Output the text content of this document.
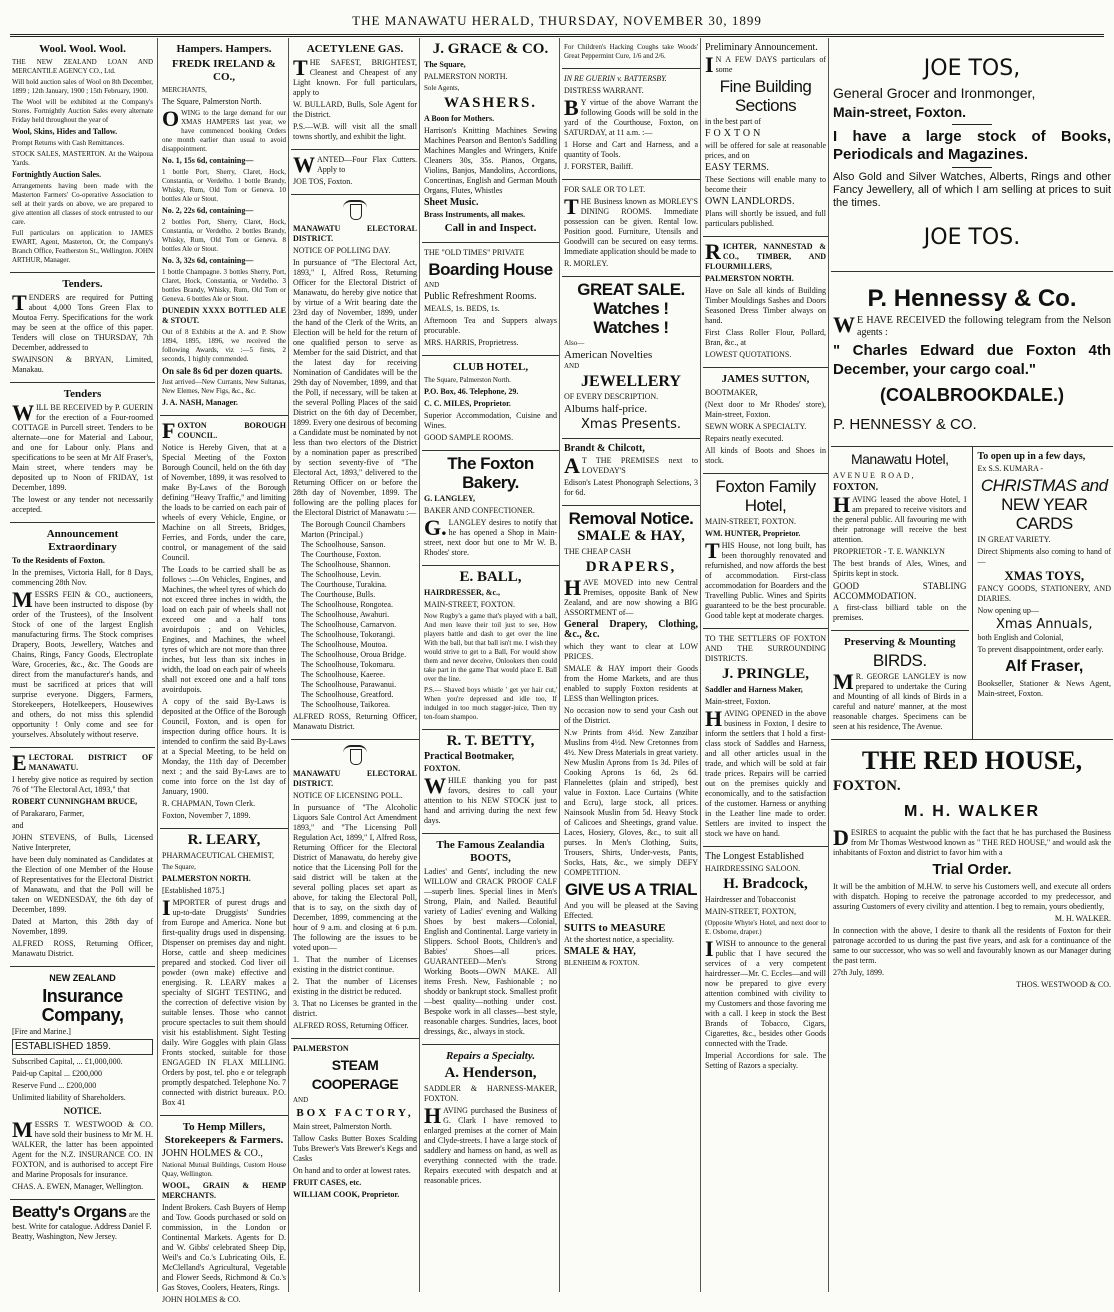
THE MANAWATU HERALD, THURSDAY, NOVEMBER 30, 1899
Wool. Wool. Wool.

THE NEW ZEALAND LOAN AND MERCANTILE AGENCY CO., Ltd.

Will hold auction sales of Wool on 8th December, 1899 ; 12th January, 1900 ; 15th February, 1900.

The Wool will be exhibited at the Company's Stores. Fortnightly Auction Sales every alternate Friday held throughout the year of

Wool, Skins, Hides and Tallow.

Prompt Returns with Cash Remittances.

STOCK SALES, MASTERTON. At the Waipoua Yards.

Fortnightly Auction Sales.

Arrangements having been made with the Masterton Farmers' Co-operative Association to sell at their yards on above, we are prepared to give attention all classes of stock entrusted to our care.

Full particulars on application to JAMES EWART, Agent, Masterton, Or, the Company's Branch Office, Featherston St., Wellington. JOHN ARTHUR, Manager.

Tenders.

TENDERS are required for Putting about 4,000 Tons Green Flax to Moutoa Ferry. Specifications for the work may be seen at the office of this paper. Tenders will close on THURSDAY, 7th December, addressed to

SWAINSON & BRYAN, Limited, Manakau.

Tenders

WILL BE RECEIVED by P. GUERIN for the erection of a Four-roomed COTTAGE in Purcell street. Tenders to be alternate—one for Material and Labour, and one for Labour only. Plans and specifications to be seen at Mr Alf Fraser's, Main street, where tenders may be deposited up to Noon of FRIDAY, 1st December, 1899.

The lowest or any tender not necessarily accepted.

Announcement Extraordinary

To the Residents of Foxton.

In the premises, Victoria Hall, for 8 Days, commencing 28th Nov.

MESSRS FEIN & CO., auctioneers, have been instructed to dispose (by order of the Trustees), of the Insolvent Stock of one of the largest English manufacturing firms. The Stock comprises Drapery, Boots, Jewellery, Watches and Chains, Rings, Fancy Goods, Electroplate Ware, Groceries, &c., &c. The Goods are direct from the manufacturer's hands, and must be sacrificed at prices that will surprise everyone. Diggers, Farmers, Storekeepers, Hotelkeepers, Housewives and others, do not miss this splendid opportunity ! Only come and see for yourselves. Absolutely without reserve.

ELECTORAL DISTRICT OF MANAWATU.

I hereby give notice as required by section 76 of "The Electoral Act, 1893," that

ROBERT CUNNINGHAM BRUCE,

of Parakararo, Farmer,

and

JOHN STEVENS, of Bulls, Licensed Native Interpreter,

have been duly nominated as Candidates at the Election of one Member of the House of Representatives for the Electoral District of Manawatu, and that the Poll will be taken on WEDNESDAY, the 6th day of December, 1899.

Dated at Marton, this 28th day of November, 1899.

ALFRED ROSS, Returning Officer, Manawatu District.

NEW ZEALAND
Insurance Company,

[Fire and Marine.]

ESTABLISHED 1859.

Subscribed Capital, ... £1,000,000.

Paid-up Capital ... £200,000

Reserve Fund ... £200,000

Unlimited liability of Shareholders.

NOTICE.

MESSRS T. WESTWOOD & CO. have sold their business to Mr M. H. WALKER, the latter has been appointed Agent for the N.Z. INSURANCE CO. IN FOXTON, and is authorised to accept Fire and Marine Proposals for insurance.

CHAS. A. EWEN, Manager, Wellington.

Beatty's Organs are the best. Write for catalogue. Address Daniel F. Beatty, Washington, New Jersey.
Hampers. Hampers.
FREDK IRELAND & CO.,

MERCHANTS,

The Square, Palmerston North.

OWING to the large demand for our XMAS HAMPERS last year, we have commenced booking Orders one month earlier than usual to avoid disappointment.

No. 1, 15s 6d, containing—

1 bottle Port, Sherry, Claret, Hock, Constantia, or Verdelho. 1 bottle Brandy, Whisky, Rum, Old Tom or Geneva. 10 bottles Ale or Stout.

No. 2, 22s 6d, containing—

2 bottles Port, Sherry, Claret, Hock, Constantia, or Verdelho. 2 bottles Brandy, Whisky, Rum, Old Tom or Geneva. 8 bottles Ale or Stout.

No. 3, 32s 6d, containing—

1 bottle Champagne. 3 bottles Sherry, Port, Claret, Hock, Constantia, or Verdelho. 3 bottles Brandy, Whisky, Rum, Old Tom or Geneva. 6 bottles Ale or Stout.

DUNEDIN XXXX BOTTLED ALE & STOUT.

Out of 8 Exhibits at the A. and P. Show 1894, 1895, 1896, we received the following Awards, viz :—5 firsts, 2 seconds, 1 highly commended.

On sale 8s 6d per dozen quarts.

Just arrived—New Currants, New Sultanas, New Elemes, New Figs, &c., &c.

J. A. NASH, Manager.

FOXTON BOROUGH COUNCIL.

Notice is Hereby Given, that at a Special Meeting of the Foxton Borough Council, held on the 6th day of November, 1899, it was resolved to make By-Laws of the Borough defining "Heavy Traffic," and limiting the loads to be carried on each pair of wheels of every Vehicle, Engine, or Machine on all Streets, Bridges, Ferries, and Fords, under the care, control, or management of the said Council.

The Loads to be carried shall be as follows :—On Vehicles, Engines, and Machines, the wheel tyres of which do not exceed three inches in width, the load on each pair of wheels shall not exceed one and a half tons avoirdupois ; and on Vehicles, Engines, and Machines, the wheel tyres of which are not more than three inches, but less than six inches in width, the load on each pair of wheels shall not exceed one and a half tons avoirdupois.

A copy of the said By-Laws is deposited at the Office of the Borough Council, Foxton, and is open for inspection during office hours. It is intended to confirm the said By-Laws at a Special Meeting, to be held on Monday, the 11th day of December next ; and the said By-Laws are to come into force on the 1st day of January, 1900.

R. CHAPMAN, Town Clerk.

Foxton, November 7, 1899.

R. LEARY,

PHARMACEUTICAL CHEMIST,

The Square,

PALMERSTON NORTH.

[Established 1875.]

IMPORTER of purest drugs and up-to-date Druggists' Sundries from Europe and America. None but first-quality drugs used in dispensing. Dispenser on premises day and night. Horse, cattle and sheep medicines prepared and stocked. Cod liver oil powder (own make) effective and energising. R. LEARY makes a specialty of SIGHT TESTING, and the correction of defective vision by suitable lenses. Those who cannot procure spectacles to suit them should visit his establishment. Sight Testing daily. Wire Goggles with plain Glass Fronts stocked, suitable for those ENGAGED IN FLAX MILLING. Orders by post, tel. pho e or telegraph promptly despatched. Telephone No. 7 connected with district bureaux. P.O. Box 41

To Hemp Millers, Storekeepers & Farmers.

JOHN HOLMES & CO.,

National Mutual Buildings, Custom House Quay, Wellington.

WOOL, GRAIN & HEMP MERCHANTS.

Indent Brokers. Cash Buyers of Hemp and Tow. Goods purchased or sold on commission, in the London or Continental Markets. Agents for D. and W. Gibbs' celebrated Sheep Dip, Weil's and Co.'s Lubricating Oils, E. McClelland's Agricultural, Vegetable and Flower Seeds, Richmond & Co.'s Gas Stoves, Coolers, Heaters, Rings.

JOHN HOLMES & CO.

ACETYLENE GAS.

THE SAFEST, BRIGHTEST, Cleanest and Cheapest of any Light known. For full particulars, apply to

W. BULLARD, Bulls, Sole Agent for the District.

P.S.—W.B. will visit all the small towns shortly, and exhibit the light.

WANTED—Four Flax Cutters. Apply to

JOE TOS, Foxton.

MANAWATU ELECTORAL DISTRICT.

NOTICE OF POLLING DAY.

In pursuance of "The Electoral Act, 1893," I, Alfred Ross, Returning Officer for the Electoral District of Manawatu, do hereby give notice that by virtue of a Writ bearing date the 23rd day of November, 1899, under the hand of the Clerk of the Writs, an Election will be held for the return of one qualified person to serve as Member for the said District, and that the latest day for receiving Nomination of Candidates will be the 29th day of November, 1899, and that the Poll, if necessary, will be taken at the several Polling Places of the said District on the 6th day of December, 1899. Every one desirous of becoming a Candidate must be nominated by not less than two electors of the District by a nomination paper as prescribed by section seventy-five of "The Electoral Act, 1893," delivered to the Returning Officer on or before the 28th day of November, 1899. The following are the polling places for the Electoral District of Manawatu :—

The Borough Council Chambers Marton (Principal.)
The Schoolhouse, Sanson.
The Courthouse, Foxton.
The Schoolhouse, Shannon.
The Schoolhouse, Levin.
The Courthouse, Turakina.
The Courthouse, Bulls.
The Schoolhouse, Rongotea.
The Schoolhouse, Awahuri.
The Schoolhouse, Carnarvon.
The Schoolhouse, Tokorangi.
The Schoolhouse, Moutoa.
The Schoolhouse, Oroua Bridge.
The Schoolhouse, Tokomaru.
The Schoolhouse, Kaeree.
The Schoolhouse, Parawanui.
The Schoolhouse, Greatford.
The Schoolhouse, Taikorea.

ALFRED ROSS, Returning Officer, Manawatu District.

MANAWATU ELECTORAL DISTRICT.

NOTICE OF LICENSING POLL.

In pursuance of "The Alcoholic Liquors Sale Control Act Amendment 1893," and "The Licensing Poll Regulation Act, 1899," I, Alfred Ross, Returning Officer for the Electoral District of Manawatu, do hereby give notice that the Licensing Poll for the said district will be taken at the several polling places set apart as above, for taking the Electoral Poll, that is to say, on the sixth day of December, 1899, commencing at the hour of 9 a.m. and closing at 6 p.m. The following are the issues to be voted upon—

1. That the number of Licenses existing in the district continue.

2. That the number of Licenses existing in the district be reduced.

3. That no Licenses be granted in the district.

ALFRED ROSS, Returning Officer.

PALMERSTON

STEAM COOPERAGE

AND

BOX FACTORY,

Main street, Palmerston North.

Tallow Casks Butter Boxes Scalding Tubs Brewer's Vats Brewer's Kegs and Casks

On hand and to order at lowest rates.

FRUIT CASES, etc.

WILLIAM COOK, Proprietor.

J. GRACE & CO.

The Square,

PALMERSTON NORTH.

Sole Agents,

WASHERS.

A Boon for Mothers.

Harrison's Knitting Machines Sewing Machines Pearson and Benton's Saddling Machines Mangles and Wringers, Knife Cleaners 30s, 35s. Pianos, Organs, Violins, Banjos, Mandolins, Accordions, Concertinas, English and German Mouth Organs, Flutes, Whistles

Sheet Music.

Brass Instruments, all makes.

Call in and Inspect.

THE "OLD TIMES" PRIVATE

Boarding House

AND

Public Refreshment Rooms.

MEALS, 1s. BEDS, 1s.

Afternoon Tea and Suppers always procurable.

MRS. HARRIS, Proprietress.

CLUB HOTEL,

The Square, Palmerston North.

P.O. Box, 46. Telephone, 29.

C. C. MILES, Proprietor.

Superior Accommodation, Cuisine and Wines.

GOOD SAMPLE ROOMS.

The Foxton Bakery.

G. LANGLEY,

BAKER AND CONFECTIONER.

G.LANGLEY desires to notify that he has opened a Shop in Main-street, next door but one to Mr W. B. Rhodes' store.

E. BALL,

HAIRDRESSER, &c.,

MAIN-STREET, FOXTON.

Now Rugby's a game that's played with a ball, And men leave their toil just to see, How players battle and dash to get over the line With the ball, but that ball isn't me. I wish they would strive to get to a Ball, For would show them and never deceive, Onlookers then could take part in the game That would place E. Ball over the line.

P.S.— Shaved boys whistle ' get yer hair cut,' When you're depressed and idle too, If indulged in too much stagger-juice, Then try ten-foam shampoo.

R. T. BETTY,

Practical Bootmaker,

FOXTON.

WHILE thanking you for past favors, desires to call your attention to his NEW STOCK just to hand and arriving during the next few days.

The Famous Zealandia BOOTS,

Ladies' and Gents', including the new WILLOW and CRACK PROOF CALF—superb lines. Special lines in Men's Strong, Plain, and Nailed. Beautiful variety of Ladies' evening and Walking Shoes by best makers—Colonial, English and Continental. Large variety in Slippers. School Boots, Children's and Babies' Shoes—all prices. GUARANTEED—Men's Strong Working Boots—OWN MAKE. All items Fresh. New, Fashionable ; no shoddy or bankrupt stock. Smallest profit—best quality—nothing under cost. Bespoke work in all classes—best style, reasonable charges. Sundries, laces, boot dressings, &c., always in stock.

Repairs a Specialty.
A. Henderson,

SADDLER & HARNESS-MAKER, FOXTON.

HAVING purchased the Business of G. Clark I have removed to enlarged premises at the corner of Main and Clyde-streets. I have a large stock of saddlery and harness on hand, as well as everything connected with the trade. Repairs executed with despatch and at reasonable prices.

For Children's Hacking Coughs take Woods' Great Peppermint Cure, 1/6 and 2/6.

IN RE GUERIN v. BATTERSBY.

DISTRESS WARRANT.

BY virtue of the above Warrant the following Goods will be sold in the yard of the Courthouse, Foxton, on SATURDAY, at 11 a.m. :—

1 Horse and Cart and Harness, and a quantity of Tools.

J. FORSTER, Bailiff.

FOR SALE OR TO LET.

THE Business known as MORLEY'S DINING ROOMS. Immediate possession can be given. Rental low. Position good. Furniture, Utensils and Goodwill can be secured on easy terms. Immediate application should be made to

R. MORLEY.

GREAT SALE.
Watches ! Watches !

Also—

American Novelties

AND

JEWELLERY

OF EVERY DESCRIPTION.

Albums half-price.

Xmas Presents.

Brandt & Chilcott,

AT THE PREMISES next to LOVEDAY'S

Edison's Latest Phonograph Selections, 3 for 6d.

Removal Notice.
SMALE & HAY,

THE CHEAP CASH

DRAPERS,

HAVE MOVED into new Central Premises, opposite Bank of New Zealand, and are now showing a BIG ASSORTMENT of—

General Drapery, Clothing, &c., &c.

which they want to clear at LOW PRICES.

SMALE & HAY import their Goods from the Home Markets, and are thus enabled to supply Foxton residents at LESS than Wellington prices.

No occasion now to send your Cash out of the District.

N.w Prints from 4½d. New Zanzibar Muslins from 4½d. New Cretonnes from 4½. New Dress Materials in great variety. New Muslin Aprons from 1s 3d. Piles of Cooking Aprons 1s 6d, 2s 6d. Flannelettes (plain and striped), best value in Foxton. Lace Curtains (White and Ecru), large stock, all prices. Nainsook Muslin from 5d. Heavy Stock of Calicoes and Sheetings, grand value. Laces, Hosiery, Gloves, &c., to suit all purses. In Men's Clothing, Suits, Trousers, Shirts, Under-vests, Pants, Socks, Hats, &c., we simply DEFY COMPETITION.

GIVE US A TRIAL

And you will be pleased at the Saving Effected.

SUITS to MEASURE

At the shortest notice, a speciality.

SMALE & HAY,

BLENHEIM & FOXTON.

Preliminary Announcement.

IN A FEW DAYS particulars of some

Fine Building Sections

in the best part of

FOXTON

will be offered for sale at reasonable prices, and on

EASY TERMS.

These Sections will enable many to become their

OWN LANDLORDS.

Plans will shortly be issued, and full particulars published.

RICHTER, NANNESTAD & CO., TIMBER, AND FLOURMILLERS,

PALMERSTON NORTH.

Have on Sale all kinds of Building Timber Mouldings Sashes and Doors Seasoned Dress Timber always on hand.

First Class Roller Flour, Pollard, Bran, &c., at

LOWEST QUOTATIONS.

JAMES SUTTON,

BOOTMAKER,

(Next door to Mr Rhodes' store), Main-street, Foxton.

SEWN WORK A SPECIALTY.

Repairs neatly executed.

All kinds of Boots and Shoes in stock.

Foxton Family Hotel,

MAIN-STREET, FOXTON.

WM. HUNTER, Proprietor.

THIS House, not long built, has been thoroughly renovated and refurnished, and now affords the best of accommodation. First-class accommodation for Boarders and the Travelling Public. Wines and Spirits guaranteed to be the best procurable. Good table kept at moderate charges.

TO THE SETTLERS OF FOXTON AND THE SURROUNDING DISTRICTS.

J. PRINGLE,

Saddler and Harness Maker,

Main-street, Foxton.

HAVING OPENED in the above business in Foxton, I desire to inform the settlers that I hold a first-class stock of Saddles and Harness, and all other articles usual in the trade, and which will be sold at fair trade prices. Repairs will be carried out on the premises quickly and economically, and to the satisfaction of the customer. Harness or anything in the Leather line made to order. Settlers are invited to inspect the stock we have on hand.

The Longest Established

HAIRDRESSING SALOON.

H. Bradcock,

Hairdresser and Tobacconist

MAIN-STREET, FOXTON,

(Opposite Whyte's Hotel, and next door to E. Osborne, draper.)

IWISH to announce to the general public that I have secured the services of a very competent hairdresser—Mr. C. Eccles—and will now be prepared to give every attention combined with civility to my Customers and those favoring me with a call. I keep in stock the Best Brands of Tobacco, Cigars, Cigarettes, &c., besides other Goods connected with the Trade.

Imperial Accordions for sale. The Setting of Razors a specialty.

JOE TOS,

General Grocer and Ironmonger,

Main-street, Foxton.

I have a large stock of Books, Periodicals and Magazines.

Also Gold and Silver Watches, Alberts, Rings and other Fancy Jewellery, all of which I am selling at prices to suit the times.

JOE TOS.
P. Hennessy & Co.

WE HAVE RECEIVED the following telegram from the Nelson agents :

" Charles Edward due Foxton 4th December, your cargo coal."

(COALBROOKDALE.)

P. HENNESSY & CO.

Manawatu Hotel,

AVENUE ROAD,

FOXTON.

HAVING leased the above Hotel, I am prepared to receive visitors and the general public. All favouring me with their patronage will receive the best attention.

PROPRIETOR - T. E. WANKLYN

The best brands of Ales, Wines, and Spirits kept in stock.

GOOD STABLING ACCOMMODATION.

A first-class billiard table on the premises.

Preserving & Mounting
BIRDS.

MR. GEORGE LANGLEY is now prepared to undertake the Curing and Mounting of all kinds of Birds in a careful and nature' manner, at the most reasonable charges. Specimens can be seen at his residence, The Avenue.

To open up in a few days,

Ex S.S. KUMARA -

CHRISTMAS and
NEW YEAR CARDS

IN GREAT VARIETY.

Direct Shipments also coming to hand of—

XMAS TOYS,

FANCY GOODS, STATIONERY, AND DIARIES.

Now opening up—

Xmas Annuals,

both English and Colonial,

To prevent disappointment, order early.

Alf Fraser,

Bookseller, Stationer & News Agent, Main-street, Foxton.

THE RED HOUSE,

FOXTON.

M. H. WALKER

DESIRES to acquaint the public with the fact that he has purchased the Business from Mr Thomas Westwood known as " THE RED HOUSE," and would ask the inhabitants of Foxton and district to favor him with a

Trial Order.

It will be the ambition of M.H.W. to serve his Customers well, and execute all orders with dispatch. Hoping to receive the patronage accorded to my predecessor, and assuring Customers of every civility and attention. I beg to remain, yours obediently,

M. H. WALKER.

In connection with the above, I desire to thank all the residents of Foxton for their patronage accorded to us during the past five years, and ask for a continuance of the same to our successor, who was so well and favourably known as our Manager during the past term.

27th July, 1899.

THOS. WESTWOOD & CO.
